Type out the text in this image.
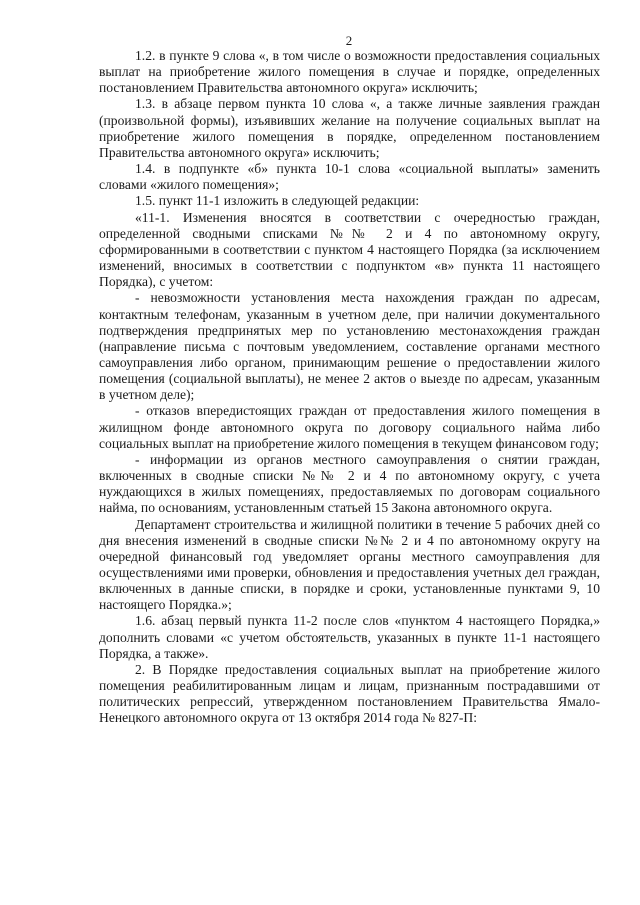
2

1.2. в пункте 9 слова «, в том числе о возможности предоставления социальных выплат на приобретение жилого помещения в случае и порядке, определенных постановлением Правительства автономного округа» исключить;

1.3. в абзаце первом пункта 10 слова «, а также личные заявления граждан (произвольной формы), изъявивших желание на получение социальных выплат на приобретение жилого помещения в порядке, определенном постановлением Правительства автономного округа» исключить;

1.4. в подпункте «б» пункта 10-1 слова «социальной выплаты» заменить словами «жилого помещения»;

1.5. пункт 11-1 изложить в следующей редакции:

«11-1. Изменения вносятся в соответствии с очередностью граждан, определенной сводными списками №№ 2 и 4 по автономному округу, сформированными в соответствии с пунктом 4 настоящего Порядка (за исключением изменений, вносимых в соответствии с подпунктом «в» пункта 11 настоящего Порядка), с учетом:

- невозможности установления места нахождения граждан по адресам, контактным телефонам, указанным в учетном деле, при наличии документального подтверждения предпринятых мер по установлению местонахождения граждан (направление письма с почтовым уведомлением, составление органами местного самоуправления либо органом, принимающим решение о предоставлении жилого помещения (социальной выплаты), не менее 2 актов о выезде по адресам, указанным в учетном деле);

- отказов впередистоящих граждан от предоставления жилого помещения в жилищном фонде автономного округа по договору социального найма либо социальных выплат на приобретение жилого помещения в текущем финансовом году;

- информации из органов местного самоуправления о снятии граждан, включенных в сводные списки №№ 2 и 4 по автономному округу, с учета нуждающихся в жилых помещениях, предоставляемых по договорам социального найма, по основаниям, установленным статьей 15 Закона автономного округа.

Департамент строительства и жилищной политики в течение 5 рабочих дней со дня внесения изменений в сводные списки №№ 2 и 4 по автономному округу на очередной финансовый год уведомляет органы местного самоуправления для осуществлениями ими проверки, обновления и предоставления учетных дел граждан, включенных в данные списки, в порядке и сроки, установленные пунктами 9, 10 настоящего Порядка.»;

1.6. абзац первый пункта 11-2 после слов «пунктом 4 настоящего Порядка,» дополнить словами «с учетом обстоятельств, указанных в пункте 11-1 настоящего Порядка, а также».

2. В Порядке предоставления социальных выплат на приобретение жилого помещения реабилитированным лицам и лицам, признанным пострадавшими от политических репрессий, утвержденном постановлением Правительства Ямало-Ненецкого автономного округа от 13 октября 2014 года № 827-П:
